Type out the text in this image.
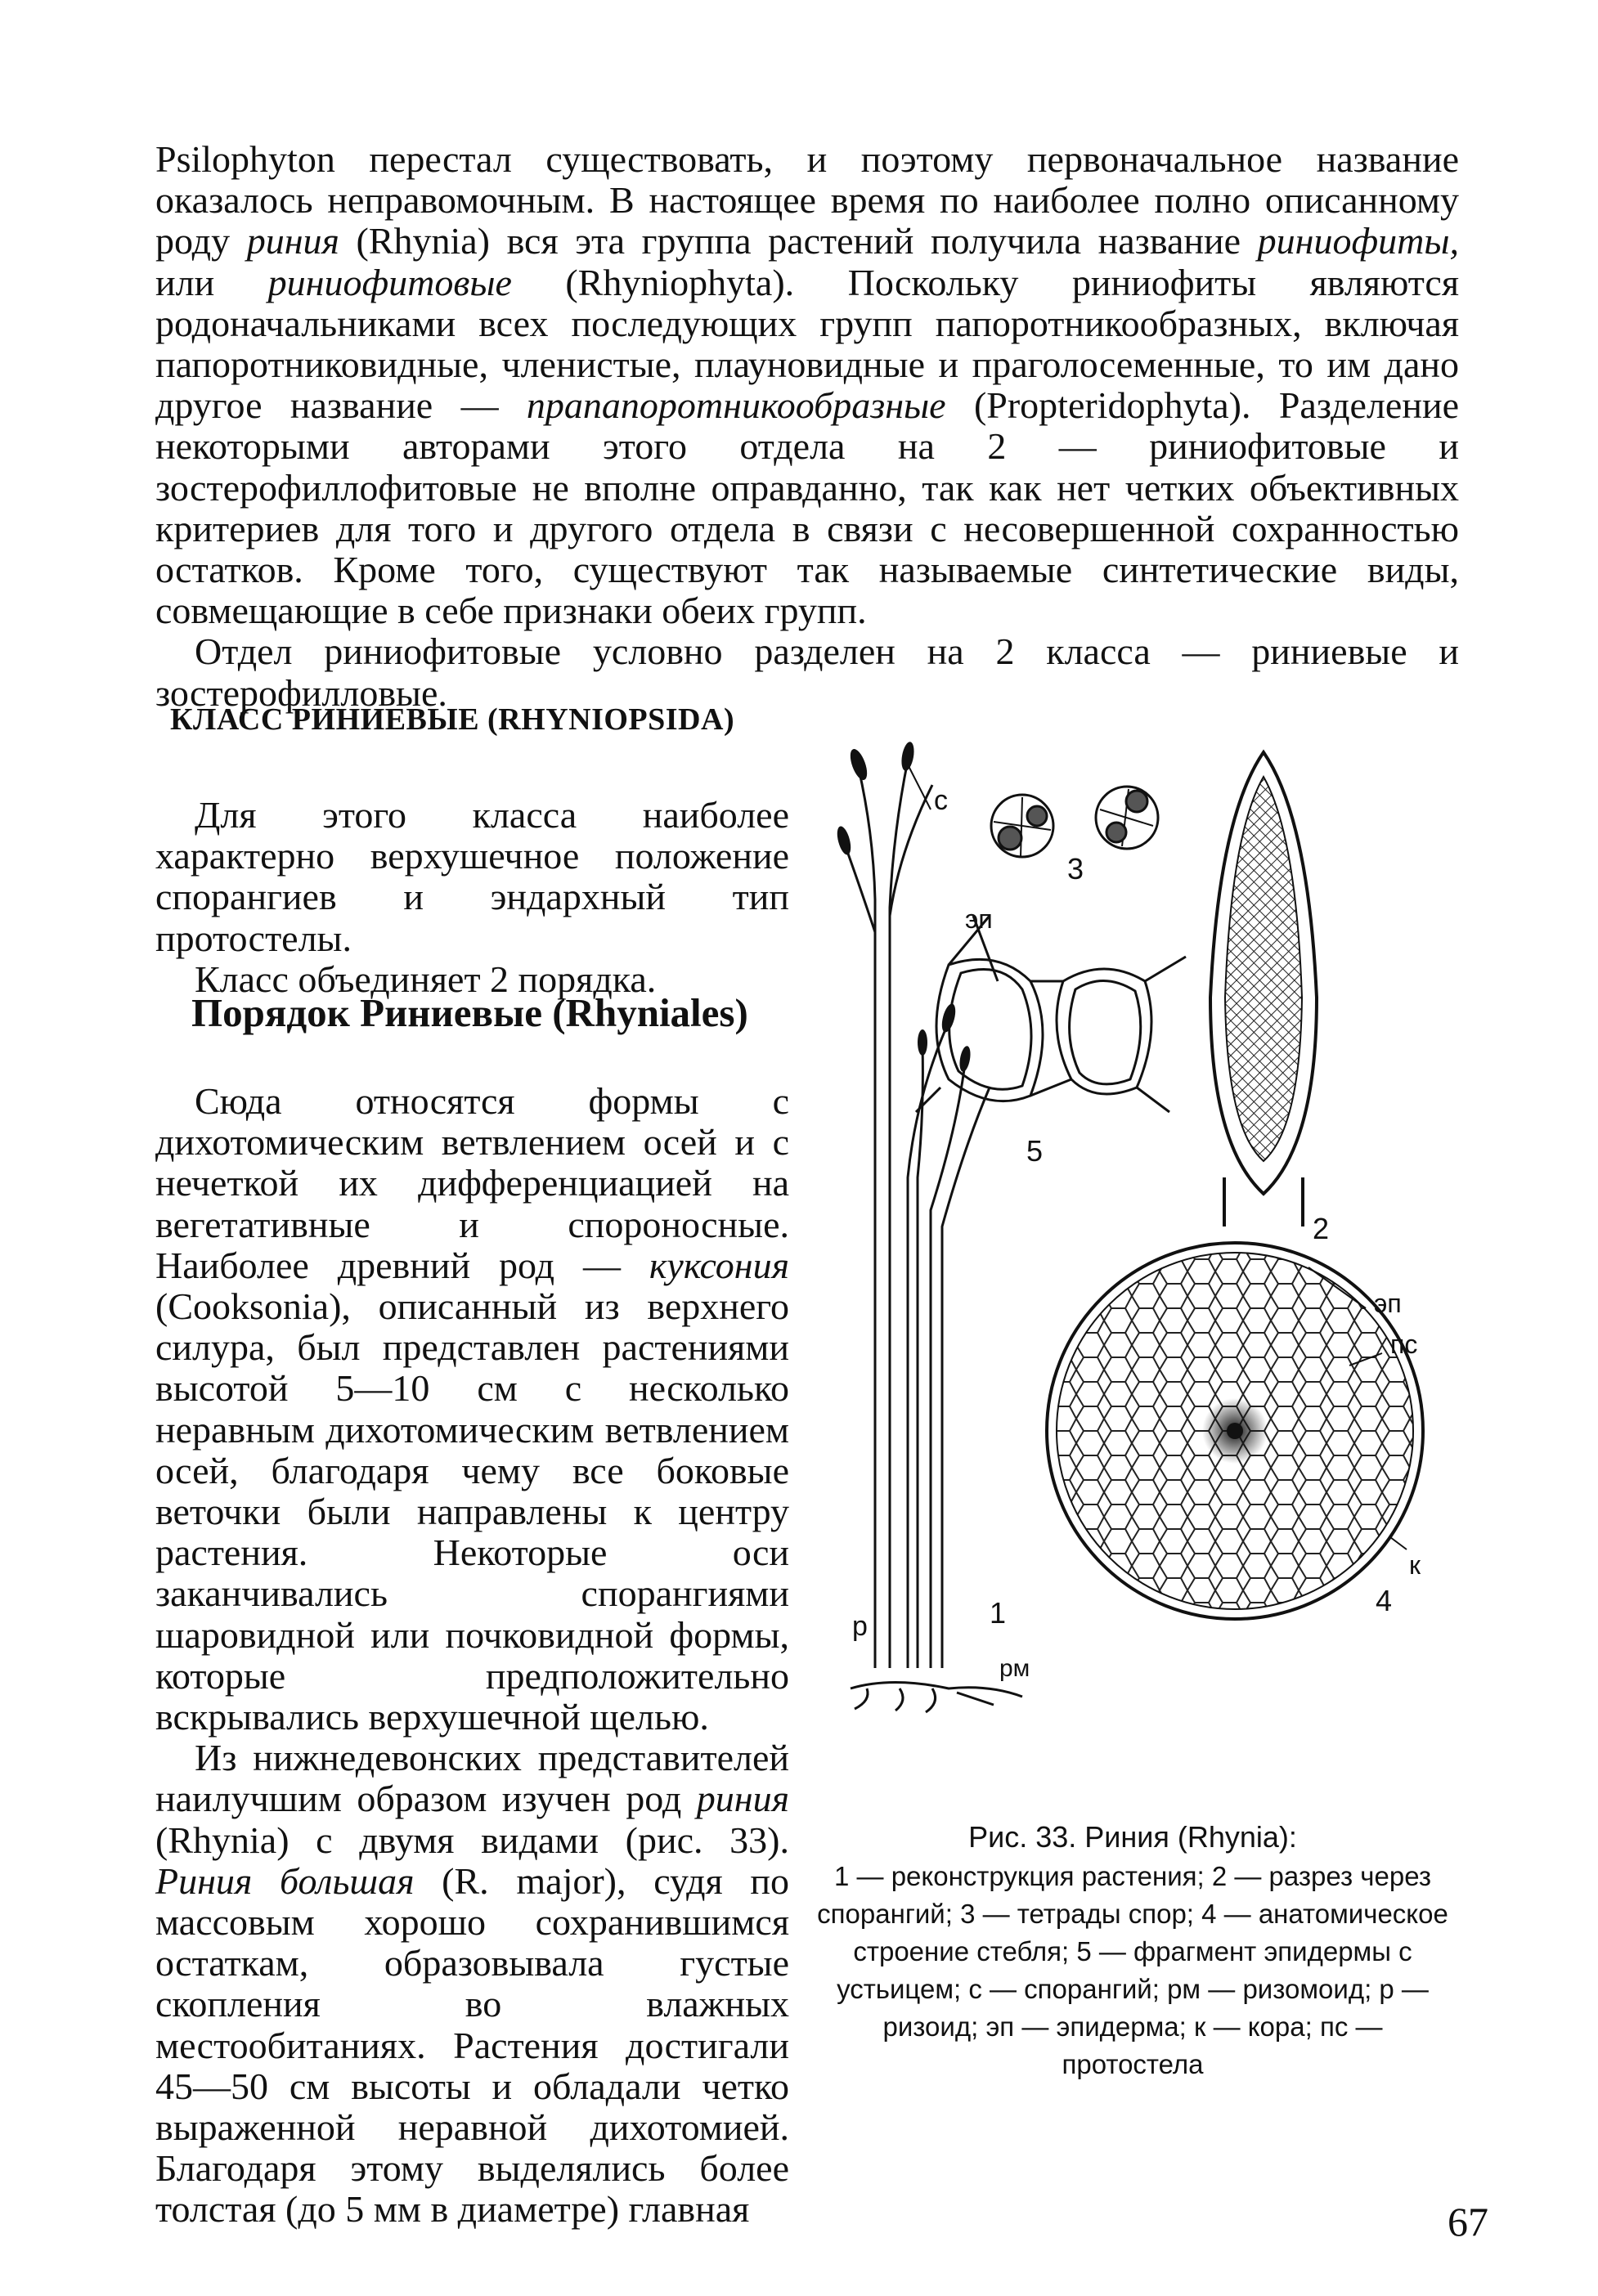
Psilophyton перестал существовать, и поэтому первоначальное название оказалось неправомочным. В настоящее время по наиболее полно описанному роду риния (Rhynia) вся эта группа растений получила название риниофиты, или риниофитовые (Rhyniophyta). Поскольку риниофиты являются родоначальниками всех последующих групп папоротникообразных, включая папоротниковидные, членистые, плауновидные и праголосеменные, то им дано другое название — прапапоротникообразные (Propteridophyta). Разделение некоторыми авторами этого отдела на 2 — риниофитовые и зостерофиллофитовые не вполне оправданно, так как нет четких объективных критериев для того и другого отдела в связи с несовершенной сохранностью остатков. Кроме того, существуют так называемые синтетические виды, совмещающие в себе признаки обеих групп.

Отдел риниофитовые условно разделен на 2 класса — риниевые и зостерофилловые.

КЛАСС РИНИЕВЫЕ (RHYNIOPSIDA)

Для этого класса наиболее характерно верхушечное положение спорангиев и эндархный тип протостелы.

Класс объединяет 2 порядка.

Порядок Риниевые (Rhyniales)

Сюда относятся формы с дихотомическим ветвлением осей и с нечеткой их дифференциацией на вегетативные и спороносные. Наиболее древний род — куксония (Cooksonia), описанный из верхнего силура, был представлен растениями высотой 5—10 см с несколько неравным дихотомическим ветвлением осей, благодаря чему все боковые веточки были направлены к центру растения. Некоторые оси заканчивались спорангиями шаровидной или почковидной формы, которые предположительно вскрывались верхушечной щелью.

Из нижнедевонских представителей наилучшим образом изучен род риния (Rhynia) с двумя видами (рис. 33). Риния большая (R. major), судя по массовым хорошо сохранившимся остаткам, образовывала густые скопления во влажных местообитаниях. Растения достигали 45—50 см высоты и обладали четко выраженной неравной дихотомией. Благодаря этому выделялись более толстая (до 5 мм в диаметре) главная

с
3
эп
5
2
эп
пс
к
4
р	1
рм
Рис. 33. Риния (Rhynia):
1 — реконструкция растения; 2 — разрез через спорангий; 3 — тетрады спор; 4 — анатомическое строение стебля; 5 — фрагмент эпидермы с устьицем; с — спорангий; рм — ризомоид; р — ризоид; эп — эпидерма; к — кора; пс — протостела
67
